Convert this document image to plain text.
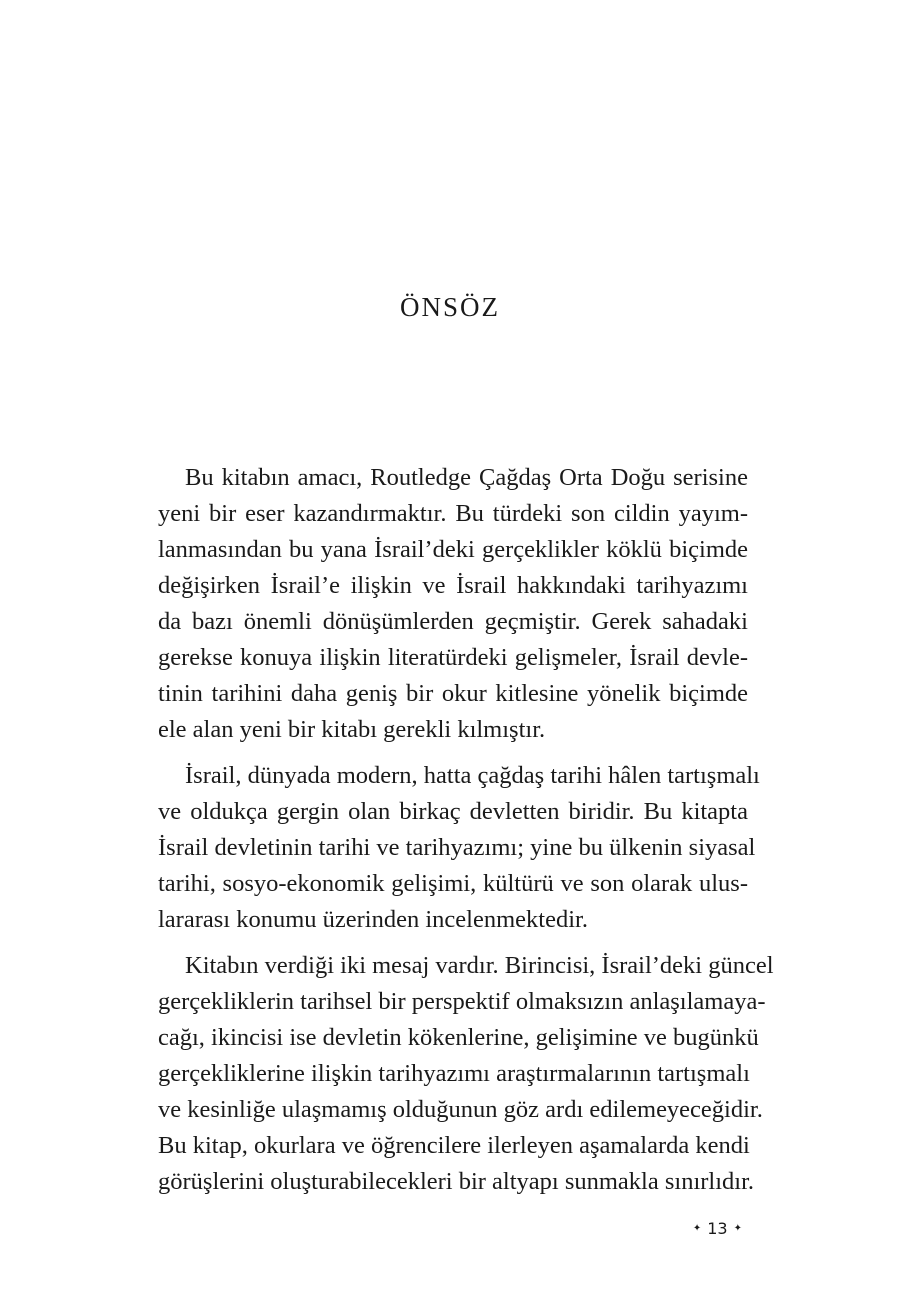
ÖNSÖZ

Bu kitabın amacı, Routledge Çağdaş Orta Doğu serisine
yeni bir eser kazandırmaktır. Bu türdeki son cildin yayım-
lanmasından bu yana İsrail’deki gerçeklikler köklü biçimde
değişirken İsrail’e ilişkin ve İsrail hakkındaki tarihyazımı
da bazı önemli dönüşümlerden geçmiştir. Gerek sahadaki
gerekse konuya ilişkin literatürdeki gelişmeler, İsrail devle-
tinin tarihini daha geniş bir okur kitlesine yönelik biçimde
ele alan yeni bir kitabı gerekli kılmıştır.

İsrail, dünyada modern, hatta çağdaş tarihi hâlen tartışmalı
ve oldukça gergin olan birkaç devletten biridir. Bu kitapta
İsrail devletinin tarihi ve tarihyazımı; yine bu ülkenin siyasal
tarihi, sosyo-ekonomik gelişimi, kültürü ve son olarak ulus-
lararası konumu üzerinden incelenmektedir.

Kitabın verdiği iki mesaj vardır. Birincisi, İsrail’deki güncel
gerçekliklerin tarihsel bir perspektif olmaksızın anlaşılamaya-
cağı, ikincisi ise devletin kökenlerine, gelişimine ve bugünkü
gerçekliklerine ilişkin tarihyazımı araştırmalarının tartışmalı
ve kesinliğe ulaşmamış olduğunun göz ardı edilemeyeceğidir.
Bu kitap, okurlara ve öğrencilere ilerleyen aşamalarda kendi
görüşlerini oluşturabilecekleri bir altyapı sunmakla sınırlıdır.

✦ 13 ✦
